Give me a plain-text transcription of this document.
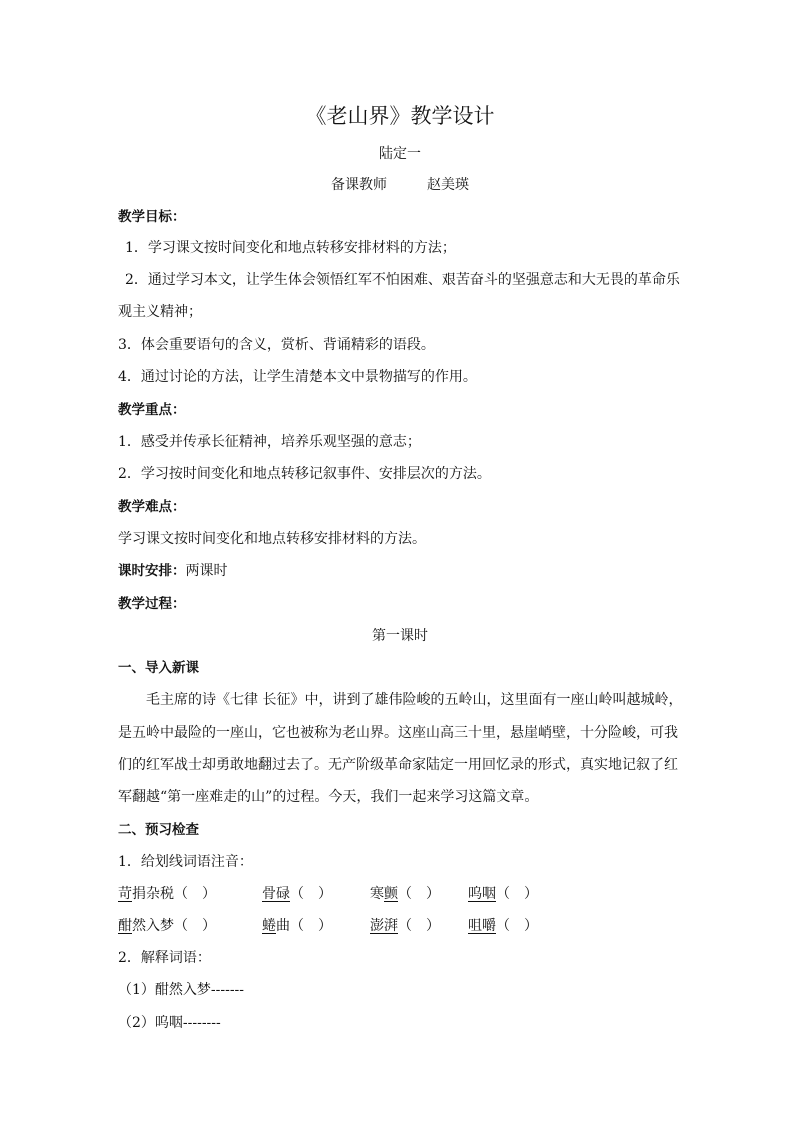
《老山界》教学设计
陆定一
备课教师	赵美瑛
教学目标：
1．学习课文按时间变化和地点转移安排材料的方法；
2．通过学习本文，让学生体会领悟红军不怕困难、艰苦奋斗的坚强意志和大无畏的革命乐
观主义精神；
3．体会重要语句的含义，赏析、背诵精彩的语段。
4．通过讨论的方法，让学生清楚本文中景物描写的作用。
教学重点：
1．感受并传承长征精神，培养乐观坚强的意志；
2．学习按时间变化和地点转移记叙事件、安排层次的方法。
教学难点：
学习课文按时间变化和地点转移安排材料的方法。
课时安排：两课时
教学过程：
第一课时
一、导入新课
毛主席的诗《七律 长征》中，讲到了雄伟险峻的五岭山，这里面有一座山岭叫越城岭，
是五岭中最险的一座山，它也被称为老山界。这座山高三十里，悬崖峭壁，十分险峻，可我
们的红军战士却勇敢地翻过去了。无产阶级革命家陆定一用回忆录的形式，真实地记叙了红
军翻越“第一座难走的山”的过程。今天，我们一起来学习这篇文章。
二、预习检查
1．给划线词语注音：
苛捐杂税（　）	骨碌（　）	寒颤（　） 呜咽（　）
酣然入梦（　）	蜷曲（　）	澎湃（　） 咀嚼（　）
2．解释词语：
（1）酣然入梦-------
（2）呜咽--------
